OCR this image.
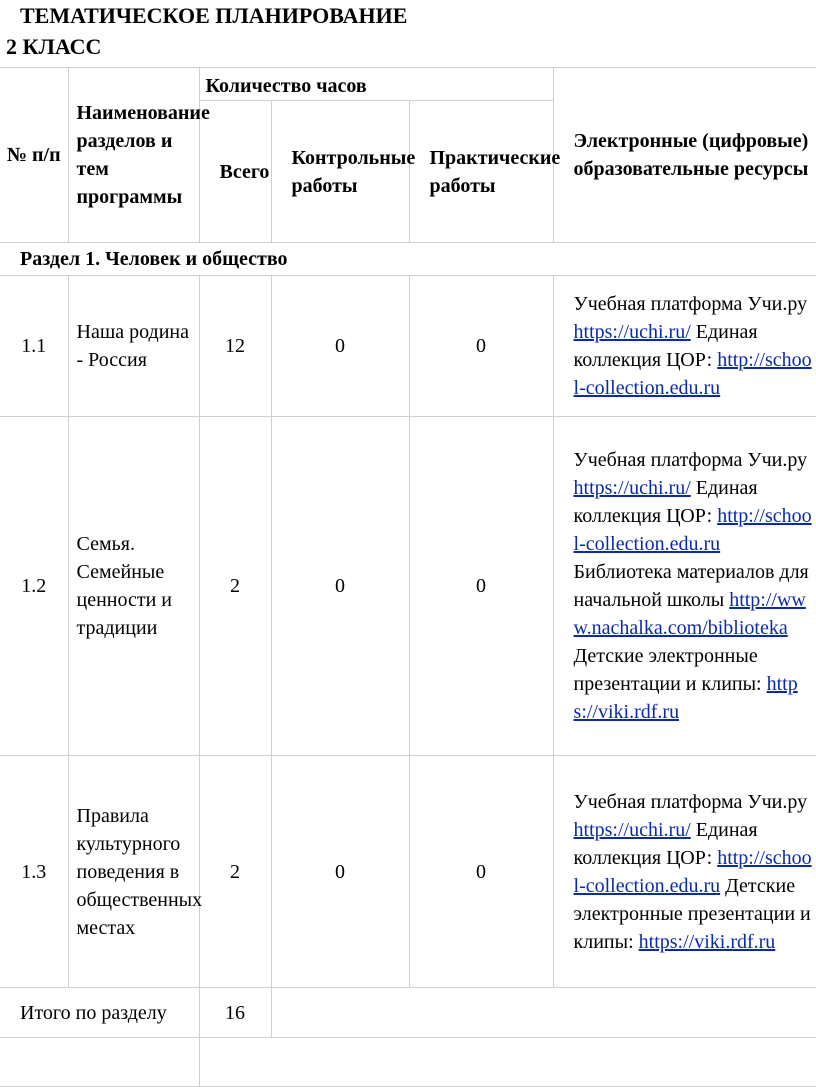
ТЕМАТИЧЕСКОЕ ПЛАНИРОВАНИЕ
2 КЛАСС
№ п/п	Наименование разделов и тем программы	Количество часов			Электронные (цифровые) образовательные ресурсы
		Всего	Контрольные работы	Практические работы	
Раздел 1. Человек и общество					
1.1	Наша родина - Россия	12	0	0	Учебная платформа Учи.ру https://uchi.ru/ Единая коллекция ЦОР: http://school-collection.edu.ru
1.2	Семья. Семейные ценности и традиции	2	0	0	Учебная платформа Учи.ру https://uchi.ru/ Единая коллекция ЦОР: http://school-collection.edu.ru Библиотека материалов для начальной школы http://www.nachalka.com/biblioteka Детские электронные презентации и клипы: https://viki.rdf.ru
1.3	Правила культурного поведения в общественных местах	2	0	0	Учебная платформа Учи.ру https://uchi.ru/ Единая коллекция ЦОР: http://school-collection.edu.ru Детские электронные презентации и клипы: https://viki.rdf.ru
Итого по разделу		16			
